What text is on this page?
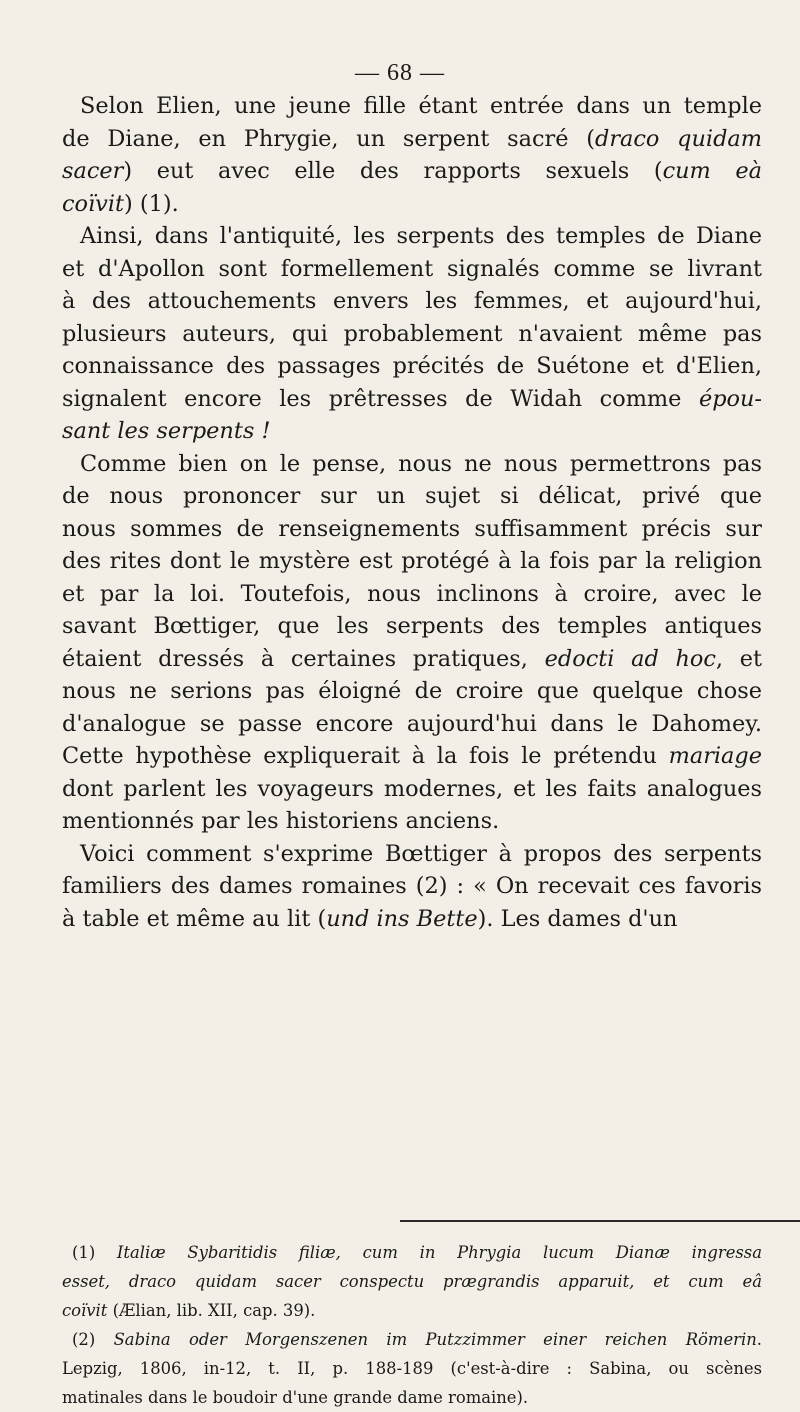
— 68 —

Selon Elien, une jeune fille étant entrée dans un temple
de Diane, en Phrygie, un serpent sacré (draco quidam
sacer) eut avec elle des rapports sexuels (cum eà
coïvit) (1).

Ainsi, dans l'antiquité, les serpents des temples de Diane
et d'Apollon sont formellement signalés comme se livrant
à des attouchements envers les femmes, et aujourd'hui,
plusieurs auteurs, qui probablement n'avaient même pas
connaissance des passages précités de Suétone et d'Elien,
signalent encore les prêtresses de Widah comme épou-
sant les serpents !

Comme bien on le pense, nous ne nous permettrons pas
de nous prononcer sur un sujet si délicat, privé que
nous sommes de renseignements suffisamment précis sur
des rites dont le mystère est protégé à la fois par la religion
et par la loi. Toutefois, nous inclinons à croire, avec le
savant Bœttiger, que les serpents des temples antiques
étaient dressés à certaines pratiques, edocti ad hoc, et
nous ne serions pas éloigné de croire que quelque chose
d'analogue se passe encore aujourd'hui dans le Dahomey.
Cette hypothèse expliquerait à la fois le prétendu mariage
dont parlent les voyageurs modernes, et les faits analogues
mentionnés par les historiens anciens.

Voici comment s'exprime Bœttiger à propos des serpents
familiers des dames romaines (2) : « On recevait ces favoris
à table et même au lit (und ins Bette). Les dames d'un

(1) Italiæ Sybaritidis filiæ, cum in Phrygia lucum Dianæ ingressa
esset, draco quidam sacer conspectu prægrandis apparuit, et cum eâ
coïvit (Ælian, lib. XII, cap. 39).
(2) Sabina oder Morgenszenen im Putzzimmer einer reichen Römerin.
Lepzig, 1806, in-12, t. II, p. 188-189 (c'est-à-dire : Sabina, ou scènes
matinales dans le boudoir d'une grande dame romaine).
